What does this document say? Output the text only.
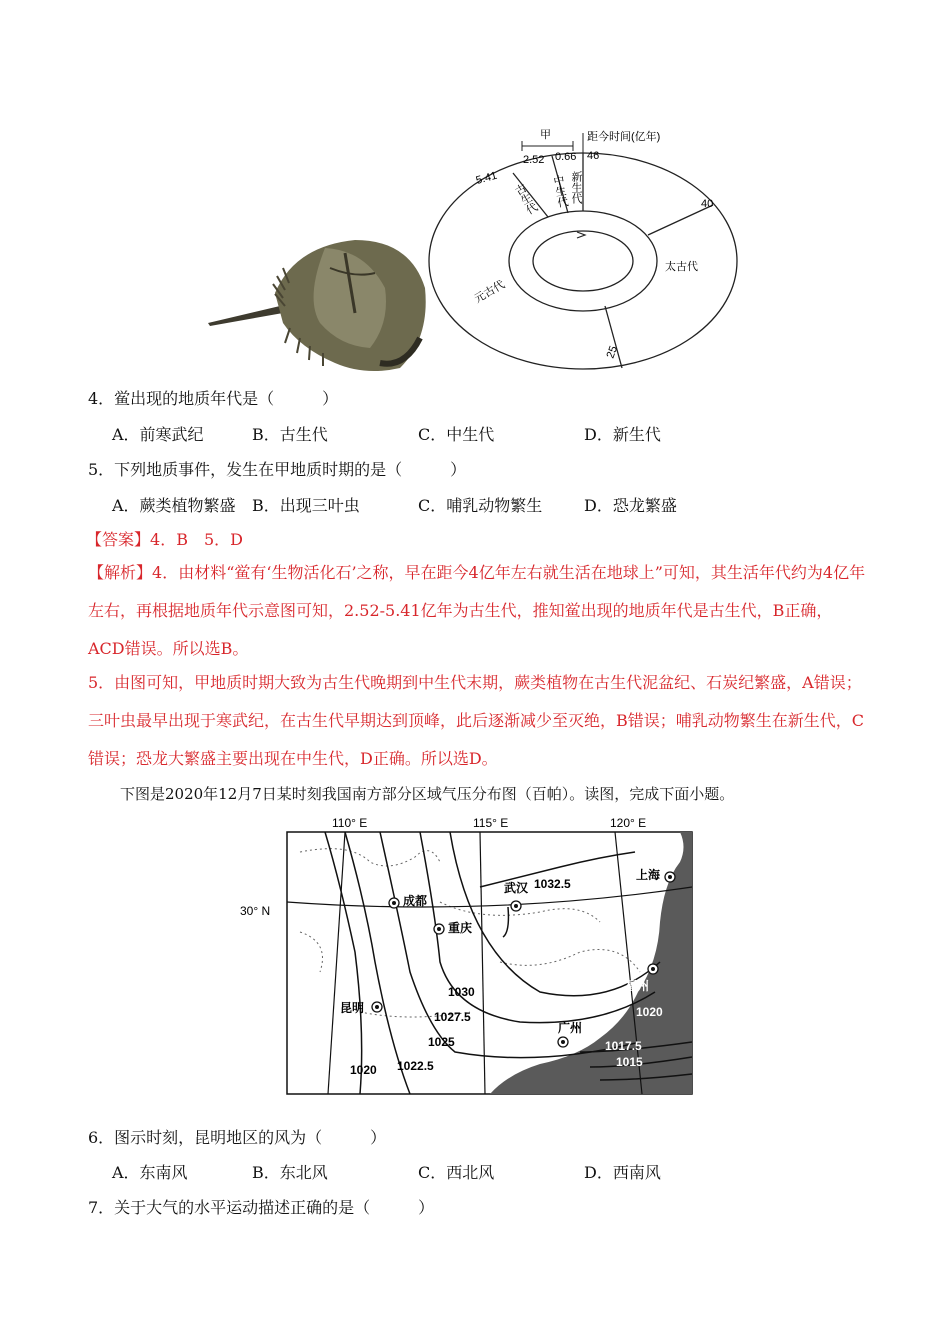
甲	距今时间(亿年)
5.41
2.52 0.66 46
40
25
古生代 中生代 新生代
太古代
元古代
4．鲎出现的地质年代是（　　　）
A．前寒武纪	B．古生代	C．中生代	D．新生代
5．下列地质事件，发生在甲地质时期的是（　　　）
A．蕨类植物繁盛 B．出现三叶虫	C．哺乳动物繁生	D．恐龙繁盛
【答案】4．B　5．D
【解析】4．由材料“鲎有‘生物活化石’之称，早在距今4亿年左右就生活在地球上”可知，其生活年代约为4亿年左右，再根据地质年代示意图可知，2.52-5.41亿年为古生代，推知鲎出现的地质年代是古生代，B正确，ACD错误。所以选B。
5．由图可知，甲地质时期大致为古生代晚期到中生代末期，蕨类植物在古生代泥盆纪、石炭纪繁盛，A错误；三叶虫最早出现于寒武纪，在古生代早期达到顶峰，此后逐渐减少至灭绝，B错误；哺乳动物繁生在新生代，C错误；恐龙大繁盛主要出现在中生代，D正确。所以选D。
下图是2020年12月7日某时刻我国南方部分区域气压分布图（百帕）。读图，完成下面小题。
110° E	115° E	120° E
30° N
成都
重庆
武汉
上海
昆明
福州
广州
1032.5
1030
1027.5
1025
1022.5
1020
1020
1017.5
1015
6．图示时刻，昆明地区的风为（　　　）
A．东南风	B．东北风	C．西北风	D．西南风
7．关于大气的水平运动描述正确的是（　　　）
